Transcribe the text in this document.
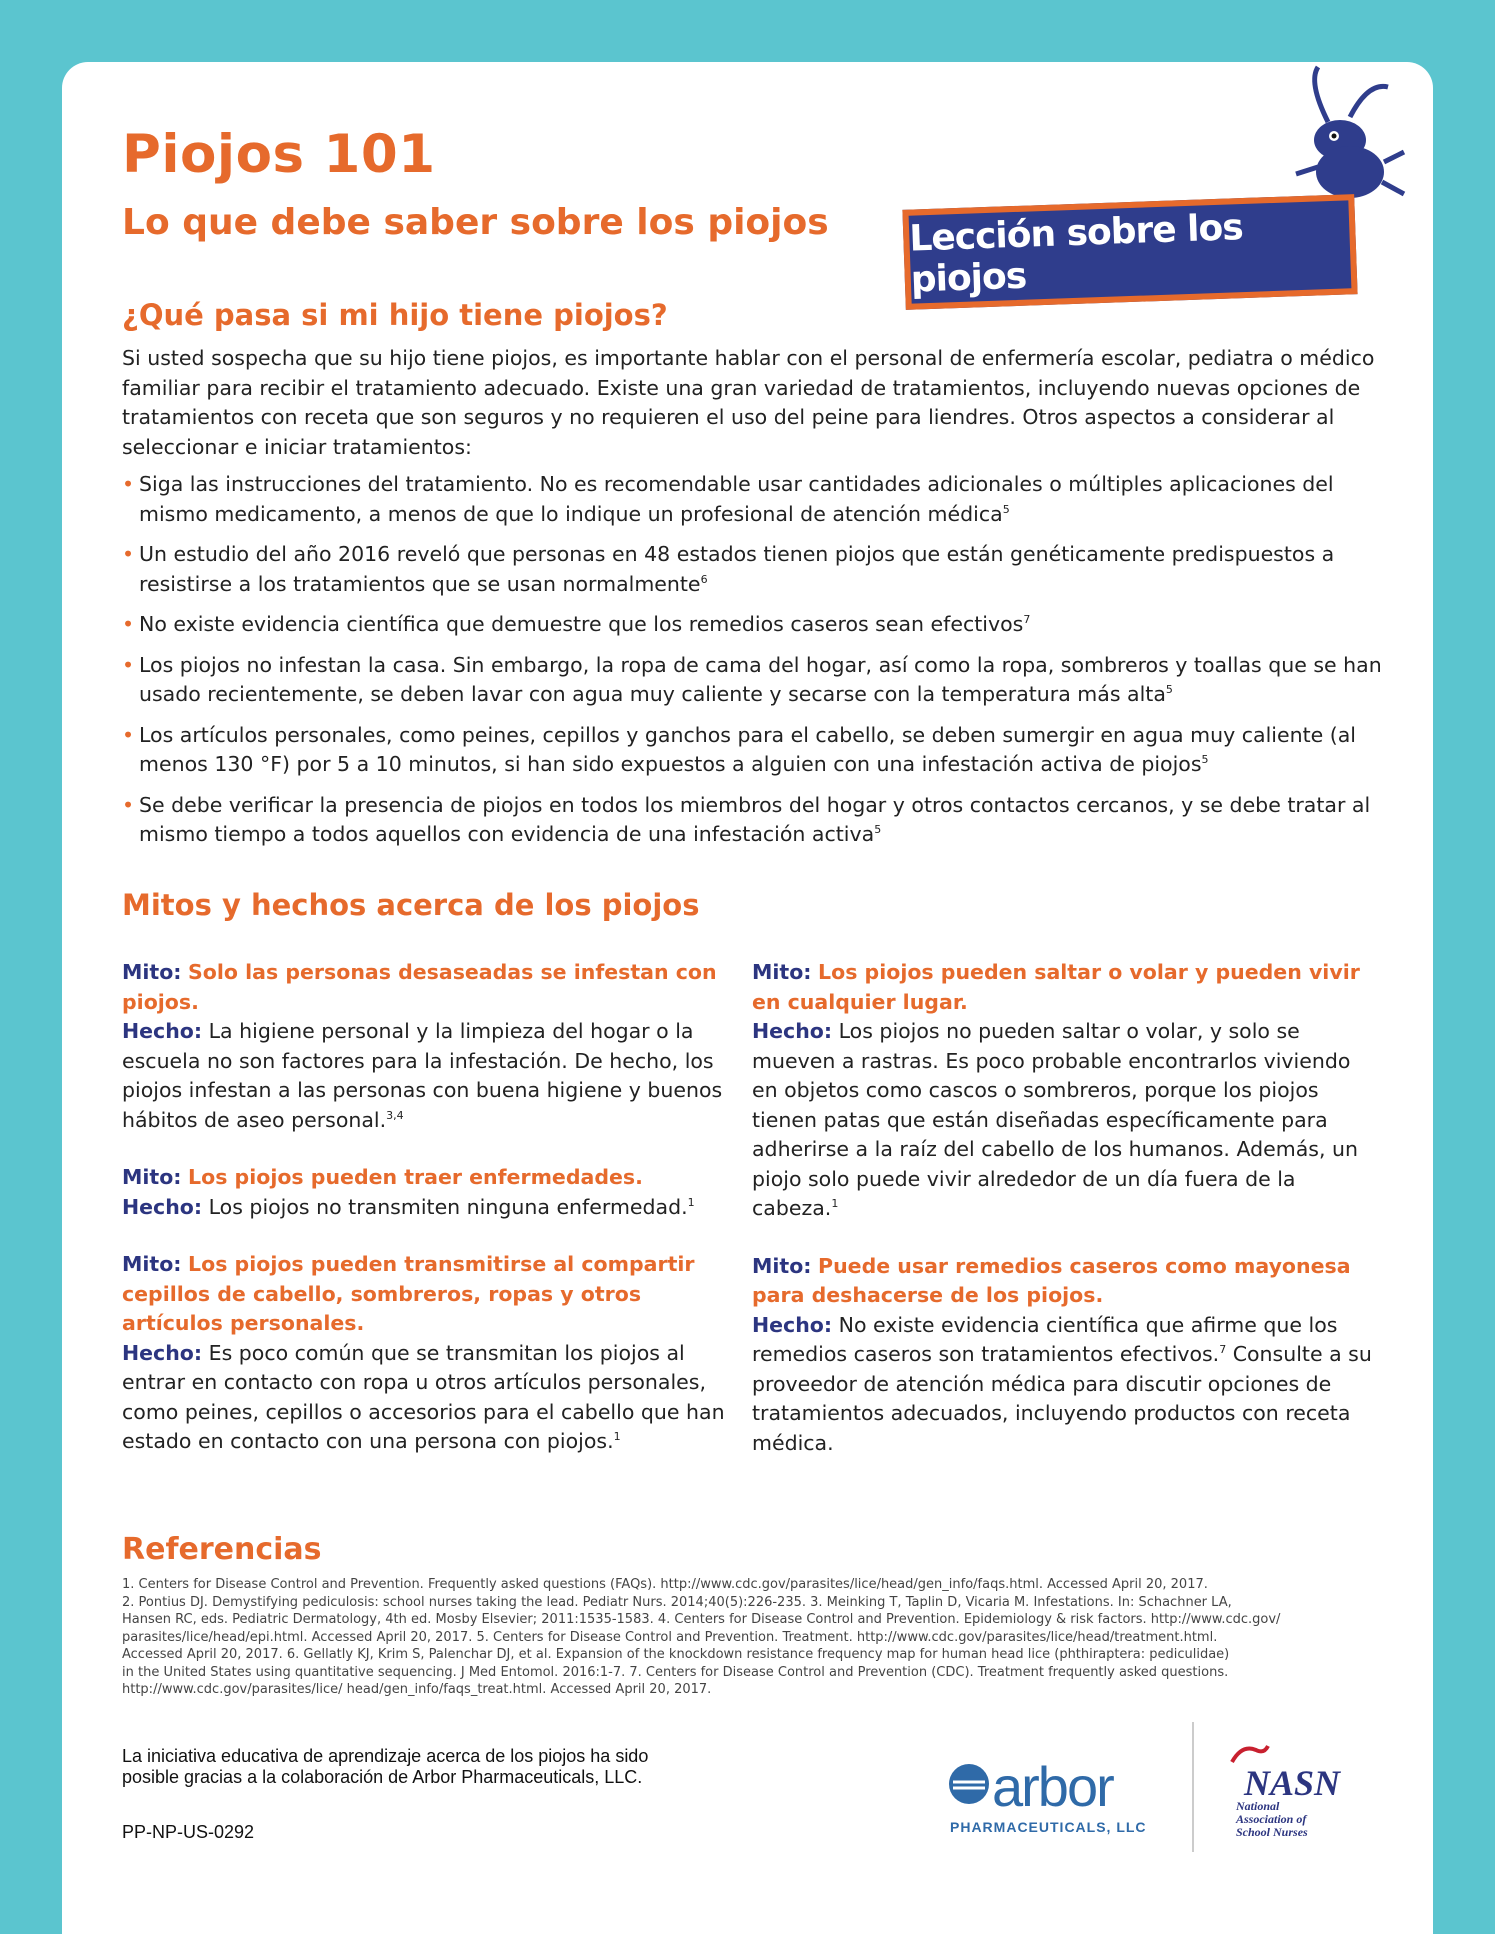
Piojos 101
Lo que debe saber sobre los piojos Lección sobre los piojos
¿Qué pasa si mi hijo tiene piojos?

Si usted sospecha que su hijo tiene piojos, es importante hablar con el personal de enfermería escolar, pediatra o médico familiar para recibir el tratamiento adecuado. Existe una gran variedad de tratamientos, incluyendo nuevas opciones de tratamientos con receta que son seguros y no requieren el uso del peine para liendres. Otros aspectos a considerar al seleccionar e iniciar tratamientos:

• Siga las instrucciones del tratamiento. No es recomendable usar cantidades adicionales o múltiples aplicaciones del mismo medicamento, a menos de que lo indique un profesional de atención médica$^5$
• Un estudio del año 2016 reveló que personas en 48 estados tienen piojos que están genéticamente predispuestos a resistirse a los tratamientos que se usan normalmente$^6$
• No existe evidencia científica que demuestre que los remedios caseros sean efectivos$^7$
• Los piojos no infestan la casa. Sin embargo, la ropa de cama del hogar, así como la ropa, sombreros y toallas que se han usado recientemente, se deben lavar con agua muy caliente y secarse con la temperatura más alta$^5$
• Los artículos personales, como peines, cepillos y ganchos para el cabello, se deben sumergir en agua muy caliente (al menos 130 °F) por 5 a 10 minutos, si han sido expuestos a alguien con una infestación activa de piojos$^5$
• Se debe verificar la presencia de piojos en todos los miembros del hogar y otros contactos cercanos, y se debe tratar al mismo tiempo a todos aquellos con evidencia de una infestación activa$^5$
Mitos y hechos acerca de los piojos

Mito: Solo las personas desaseadas se infestan con piojos.
Hecho: La higiene personal y la limpieza del hogar o la escuela no son factores para la infestación. De hecho, los piojos infestan a las personas con buena higiene y buenos hábitos de aseo personal.$^{3,4}$

Mito: Los piojos pueden traer enfermedades.
Hecho: Los piojos no transmiten ninguna enfermedad.$^1$

Mito: Los piojos pueden transmitirse al compartir cepillos de cabello, sombreros, ropas y otros artículos personales.
Hecho: Es poco común que se transmitan los piojos al entrar en contacto con ropa u otros artículos personales, como peines, cepillos o accesorios para el cabello que han estado en contacto con una persona con piojos.$^1$

Mito: Los piojos pueden saltar o volar y pueden vivir en cualquier lugar.
Hecho: Los piojos no pueden saltar o volar, y solo se mueven a rastras. Es poco probable encontrarlos viviendo en objetos como cascos o sombreros, porque los piojos tienen patas que están diseñadas específicamente para adherirse a la raíz del cabello de los humanos. Además, un piojo solo puede vivir alrededor de un día fuera de la cabeza.$^1$

Mito: Puede usar remedios caseros como mayonesa para deshacerse de los piojos.
Hecho: No existe evidencia científica que afirme que los remedios caseros son tratamientos efectivos.$^7$ Consulte a su proveedor de atención médica para discutir opciones de tratamientos adecuados, incluyendo productos con receta médica.

Referencias

1. Centers for Disease Control and Prevention. Frequently asked questions (FAQs). http://www.cdc.gov/parasites/lice/head/gen_info/faqs.html. Accessed April 20, 2017.

2. Pontius DJ. Demystifying pediculosis: school nurses taking the lead. Pediatr Nurs. 2014;40(5):226-235. 3. Meinking T, Taplin D, Vicaria M. Infestations. In: Schachner LA,

Hansen RC, eds. Pediatric Dermatology, 4th ed. Mosby Elsevier; 2011:1535-1583. 4. Centers for Disease Control and Prevention. Epidemiology & risk factors. http://www.cdc.gov/

parasites/lice/head/epi.html. Accessed April 20, 2017. 5. Centers for Disease Control and Prevention. Treatment. http://www.cdc.gov/parasites/lice/head/treatment.html.

Accessed April 20, 2017. 6. Gellatly KJ, Krim S, Palenchar DJ, et al. Expansion of the knockdown resistance frequency map for human head lice (phthiraptera: pediculidae)

in the United States using quantitative sequencing. J Med Entomol. 2016:1-7. 7. Centers for Disease Control and Prevention (CDC). Treatment frequently asked questions.

http://www.cdc.gov/parasites/lice/ head/gen_info/faqs_treat.html. Accessed April 20, 2017.

La iniciativa educativa de aprendizaje acerca de los piojos ha sido
posible gracias a la colaboración de Arbor Pharmaceuticals, LLC.

PP-NP-US-0292

arbor
PHARMACEUTICALS, LLC
NASN

National
Association of
School Nurses
